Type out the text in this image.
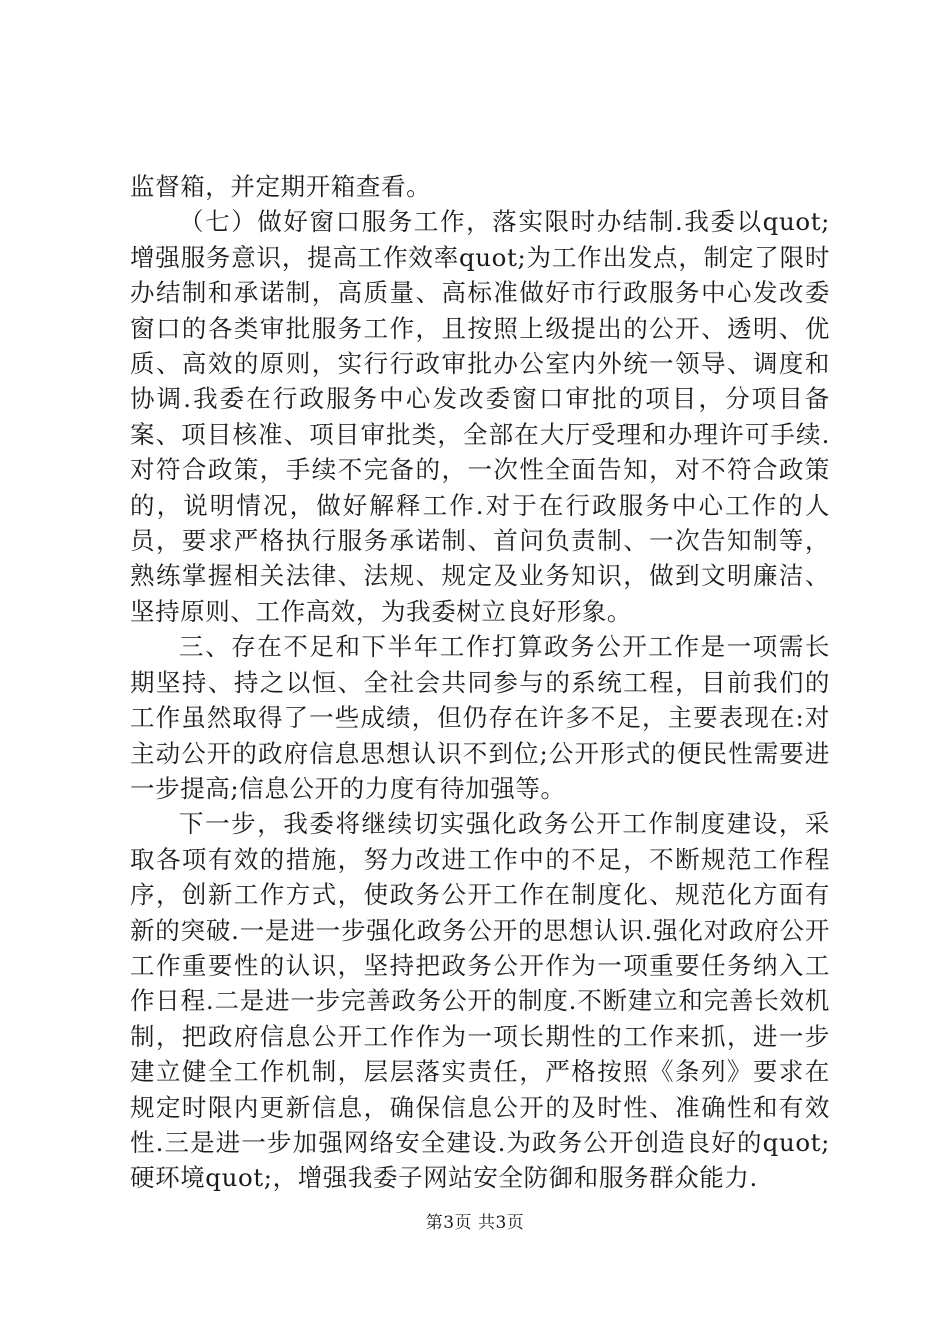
监督箱，并定期开箱查看。

（七）做好窗口服务工作，落实限时办结制.我委以quot;增强服务意识，提高工作效率quot;为工作出发点，制定了限时办结制和承诺制，高质量、高标准做好市行政服务中心发改委窗口的各类审批服务工作，且按照上级提出的公开、透明、优质、高效的原则，实行行政审批办公室内外统一领导、调度和协调.我委在行政服务中心发改委窗口审批的项目，分项目备案、项目核准、项目审批类，全部在大厅受理和办理许可手续.对符合政策，手续不完备的，一次性全面告知，对不符合政策的，说明情况，做好解释工作.对于在行政服务中心工作的人员，要求严格执行服务承诺制、首问负责制、一次告知制等，熟练掌握相关法律、法规、规定及业务知识，做到文明廉洁、坚持原则、工作高效，为我委树立良好形象。

三、存在不足和下半年工作打算政务公开工作是一项需长期坚持、持之以恒、全社会共同参与的系统工程，目前我们的工作虽然取得了一些成绩，但仍存在许多不足，主要表现在:对主动公开的政府信息思想认识不到位;公开形式的便民性需要进一步提高;信息公开的力度有待加强等。

下一步，我委将继续切实强化政务公开工作制度建设，采取各项有效的措施，努力改进工作中的不足，不断规范工作程序，创新工作方式，使政务公开工作在制度化、规范化方面有新的突破.一是进一步强化政务公开的思想认识.强化对政府公开工作重要性的认识，坚持把政务公开作为一项重要任务纳入工作日程.二是进一步完善政务公开的制度.不断建立和完善长效机制，把政府信息公开工作作为一项长期性的工作来抓，进一步建立健全工作机制，层层落实责任，严格按照《条列》要求在规定时限内更新信息，确保信息公开的及时性、准确性和有效性.三是进一步加强网络安全建设.为政务公开创造良好的quot;硬环境quot;，增强我委子网站安全防御和服务群众能力.

第3页 共3页
